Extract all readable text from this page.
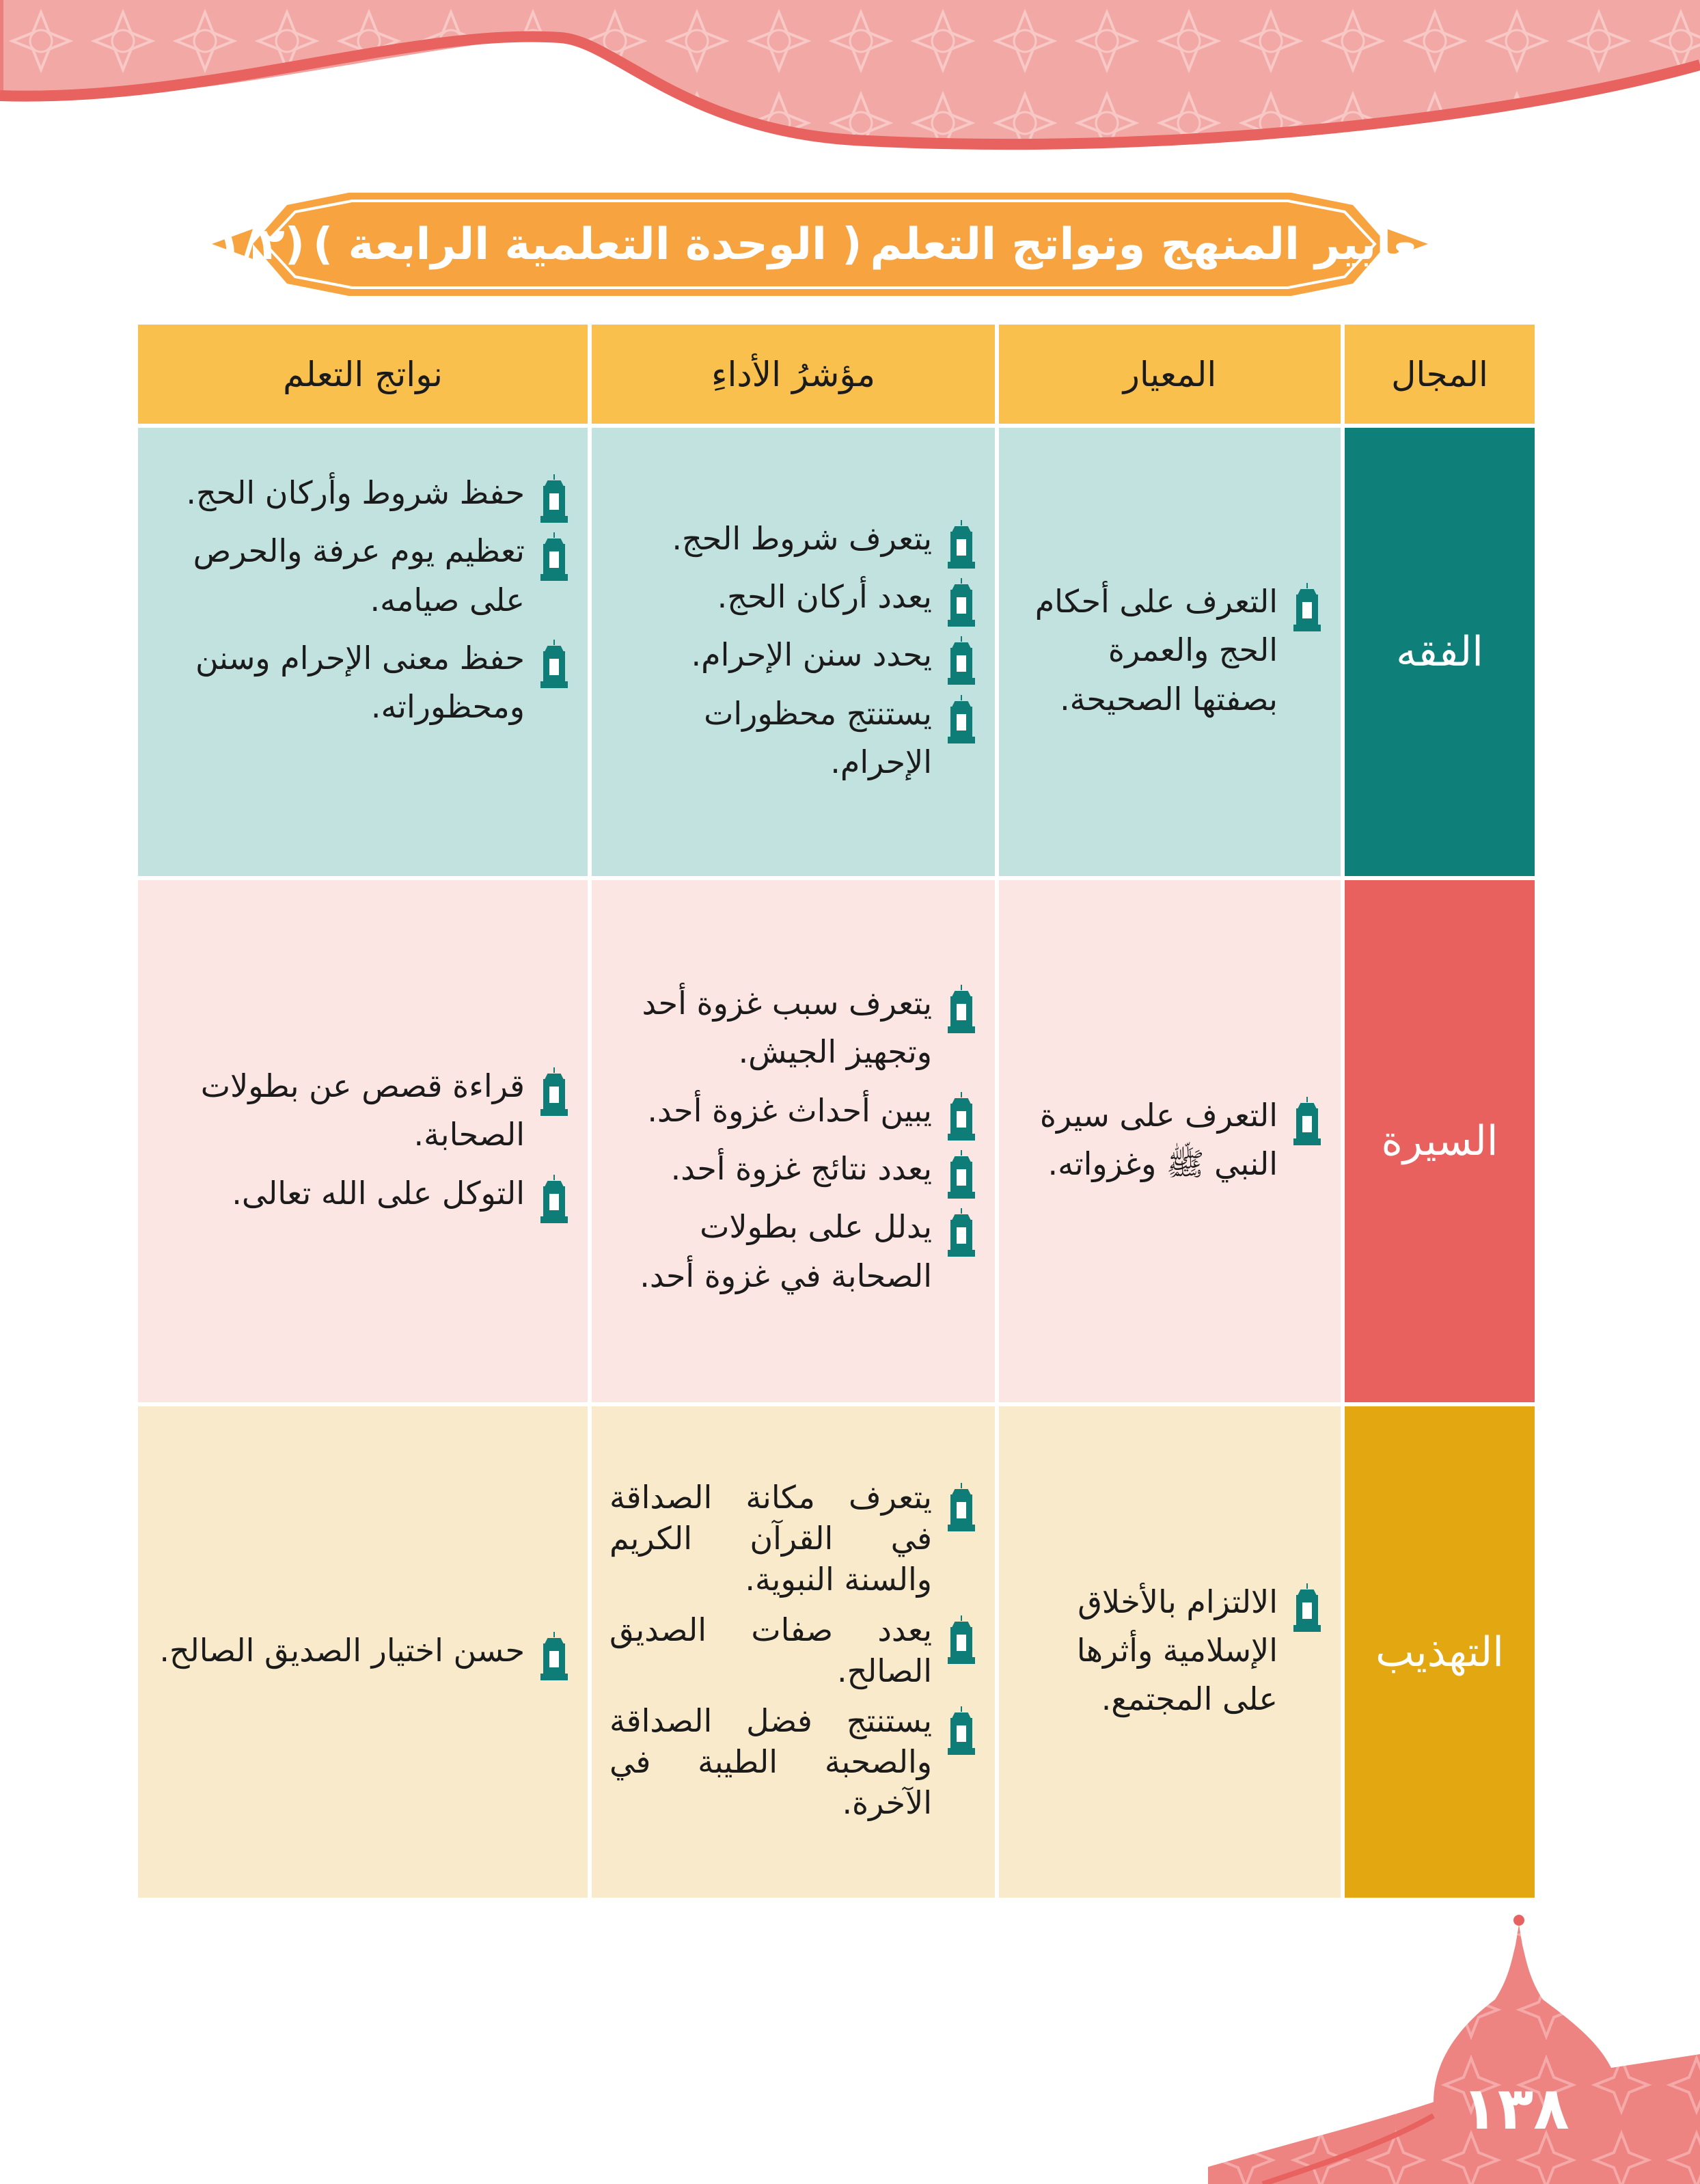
معايير المنهج ونواتج التعلم
( الوحدة التعلمية الرابعة )
(١/٢)
المجال
المعيار
مؤشرُ الأداءِ
نواتج التعلم
الفقه

التعرف على أحكام الحج والعمرة بصفتها الصحيحة.

يتعرف شروط الحج.

يعدد أركان الحج.

يحدد سنن الإحرام.

يستنتج محظورات الإحرام.

حفظ شروط وأركان الحج.

تعظيم يوم عرفة والحرص على صيامه.

حفظ معنى الإحرام وسنن ومحظوراته.

السيرة

التعرف على سيرة النبي ﷺ وغزواته.

يتعرف سبب غزوة أحد وتجهيز الجيش.

يبين أحداث غزوة أحد.

يعدد نتائج غزوة أحد.

يدلل على بطولات الصحابة في غزوة أحد.

قراءة قصص عن بطولات الصحابة.

التوكل على الله تعالى.

التهذيب

الالتزام بالأخلاق الإسلامية وأثرها على المجتمع.

يتعرف مكانة الصداقة في القرآن الكريم والسنة النبوية.

يعدد صفات الصديق الصالح.

يستنتج فضل الصداقة والصحبة الطيبة في الآخرة.

حسن اختيار الصديق الصالح.

١٣٨
